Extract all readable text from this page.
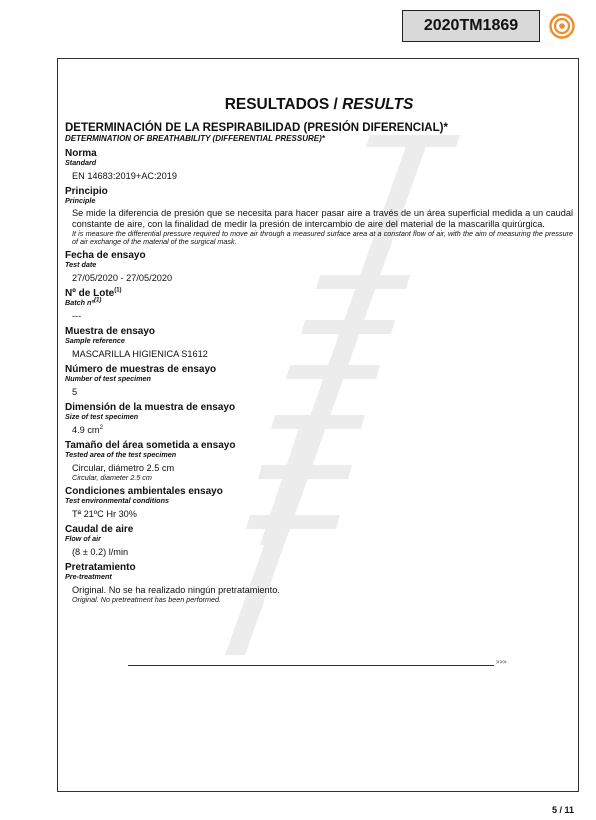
2020TM1869
RESULTADOS / RESULTS
DETERMINACIÓN DE LA RESPIRABILIDAD (PRESIÓN DIFERENCIAL)*
DETERMINATION OF BREATHABILITY (DIFFERENTIAL PRESSURE)*
Norma
Standard
EN 14683:2019+AC:2019
Principio
Principle
Se mide la diferencia de presión que se necesita para hacer pasar aire a través de un área superficial medida a un caudal constante de aire, con la finalidad de medir la presión de intercambio de aire del material de la mascarilla quirúrgica.
It is measure the differential pressure required to move air through a measured surface area at a constant flow of air, with the aim of measuring the pressure of air exchange of the material of the surgical mask.
Fecha de ensayo
Test date
27/05/2020 - 27/05/2020
Nº de Lote$^{(1)}$
Batch nº$^{(1)}$
---
Muestra de ensayo
Sample reference
MASCARILLA HIGIENICA S1612
Número de muestras de ensayo
Number of test specimen
5
Dimensión de la muestra de ensayo
Size of test specimen
4.9 $cm^2$
Tamaño del área sometida a ensayo
Tested area of the test specimen
Circular, diámetro 2.5 cm
Circular, diameter 2.5 cm
Condiciones ambientales ensayo
Test environmental conditions
Tª 21ºC Hr 30%
Caudal de aire
Flow of air
(8 ± 0.2) l/min
Pretratamiento
Pre-treatment
Original. No se ha realizado ningún pretratamiento.
Original. No pretreatment has been performed.
>>>
5 / 11
